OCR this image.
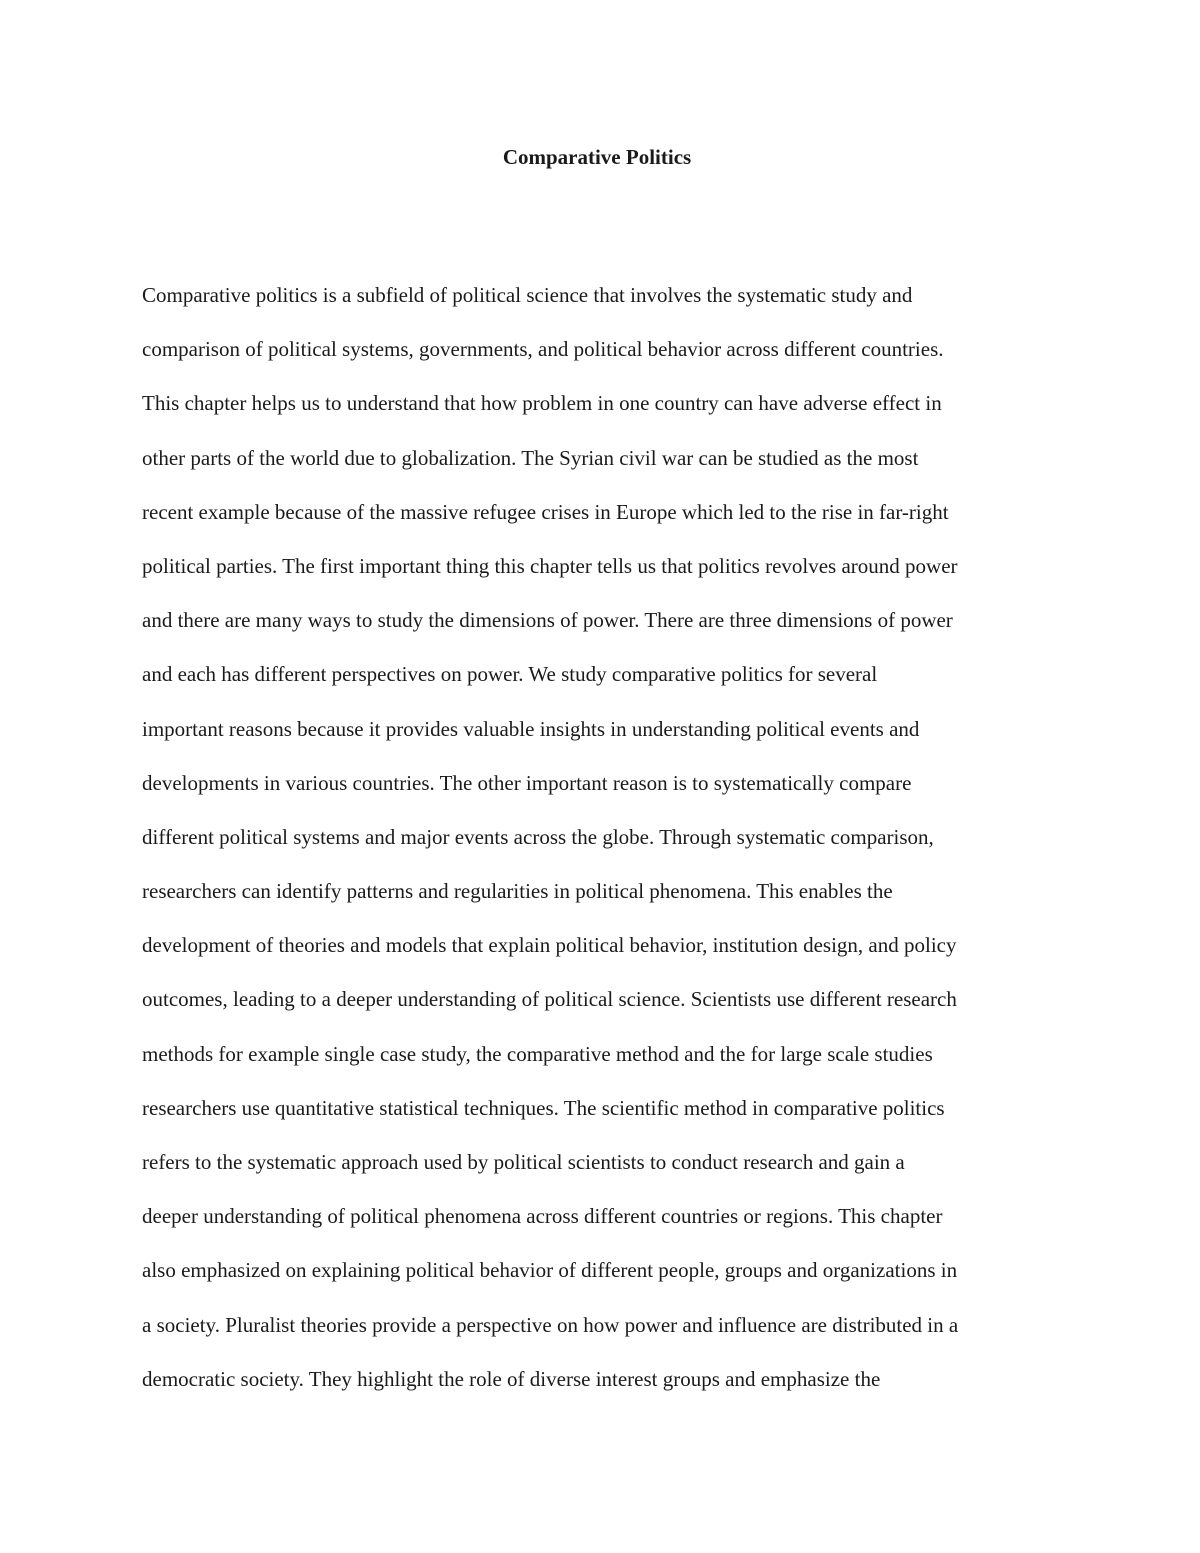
Comparative Politics
Comparative politics is a subfield of political science that involves the systematic study and
comparison of political systems, governments, and political behavior across different countries.
This chapter helps us to understand that how problem in one country can have adverse effect in
other parts of the world due to globalization. The Syrian civil war can be studied as the most
recent example because of the massive refugee crises in Europe which led to the rise in far-right
political parties. The first important thing this chapter tells us that politics revolves around power
and there are many ways to study the dimensions of power. There are three dimensions of power
and each has different perspectives on power. We study comparative politics for several
important reasons because it provides valuable insights in understanding political events and
developments in various countries. The other important reason is to systematically compare
different political systems and major events across the globe. Through systematic comparison,
researchers can identify patterns and regularities in political phenomena. This enables the
development of theories and models that explain political behavior, institution design, and policy
outcomes, leading to a deeper understanding of political science. Scientists use different research
methods for example single case study, the comparative method and the for large scale studies
researchers use quantitative statistical techniques. The scientific method in comparative politics
refers to the systematic approach used by political scientists to conduct research and gain a
deeper understanding of political phenomena across different countries or regions. This chapter
also emphasized on explaining political behavior of different people, groups and organizations in
a society. Pluralist theories provide a perspective on how power and influence are distributed in a
democratic society. They highlight the role of diverse interest groups and emphasize the
